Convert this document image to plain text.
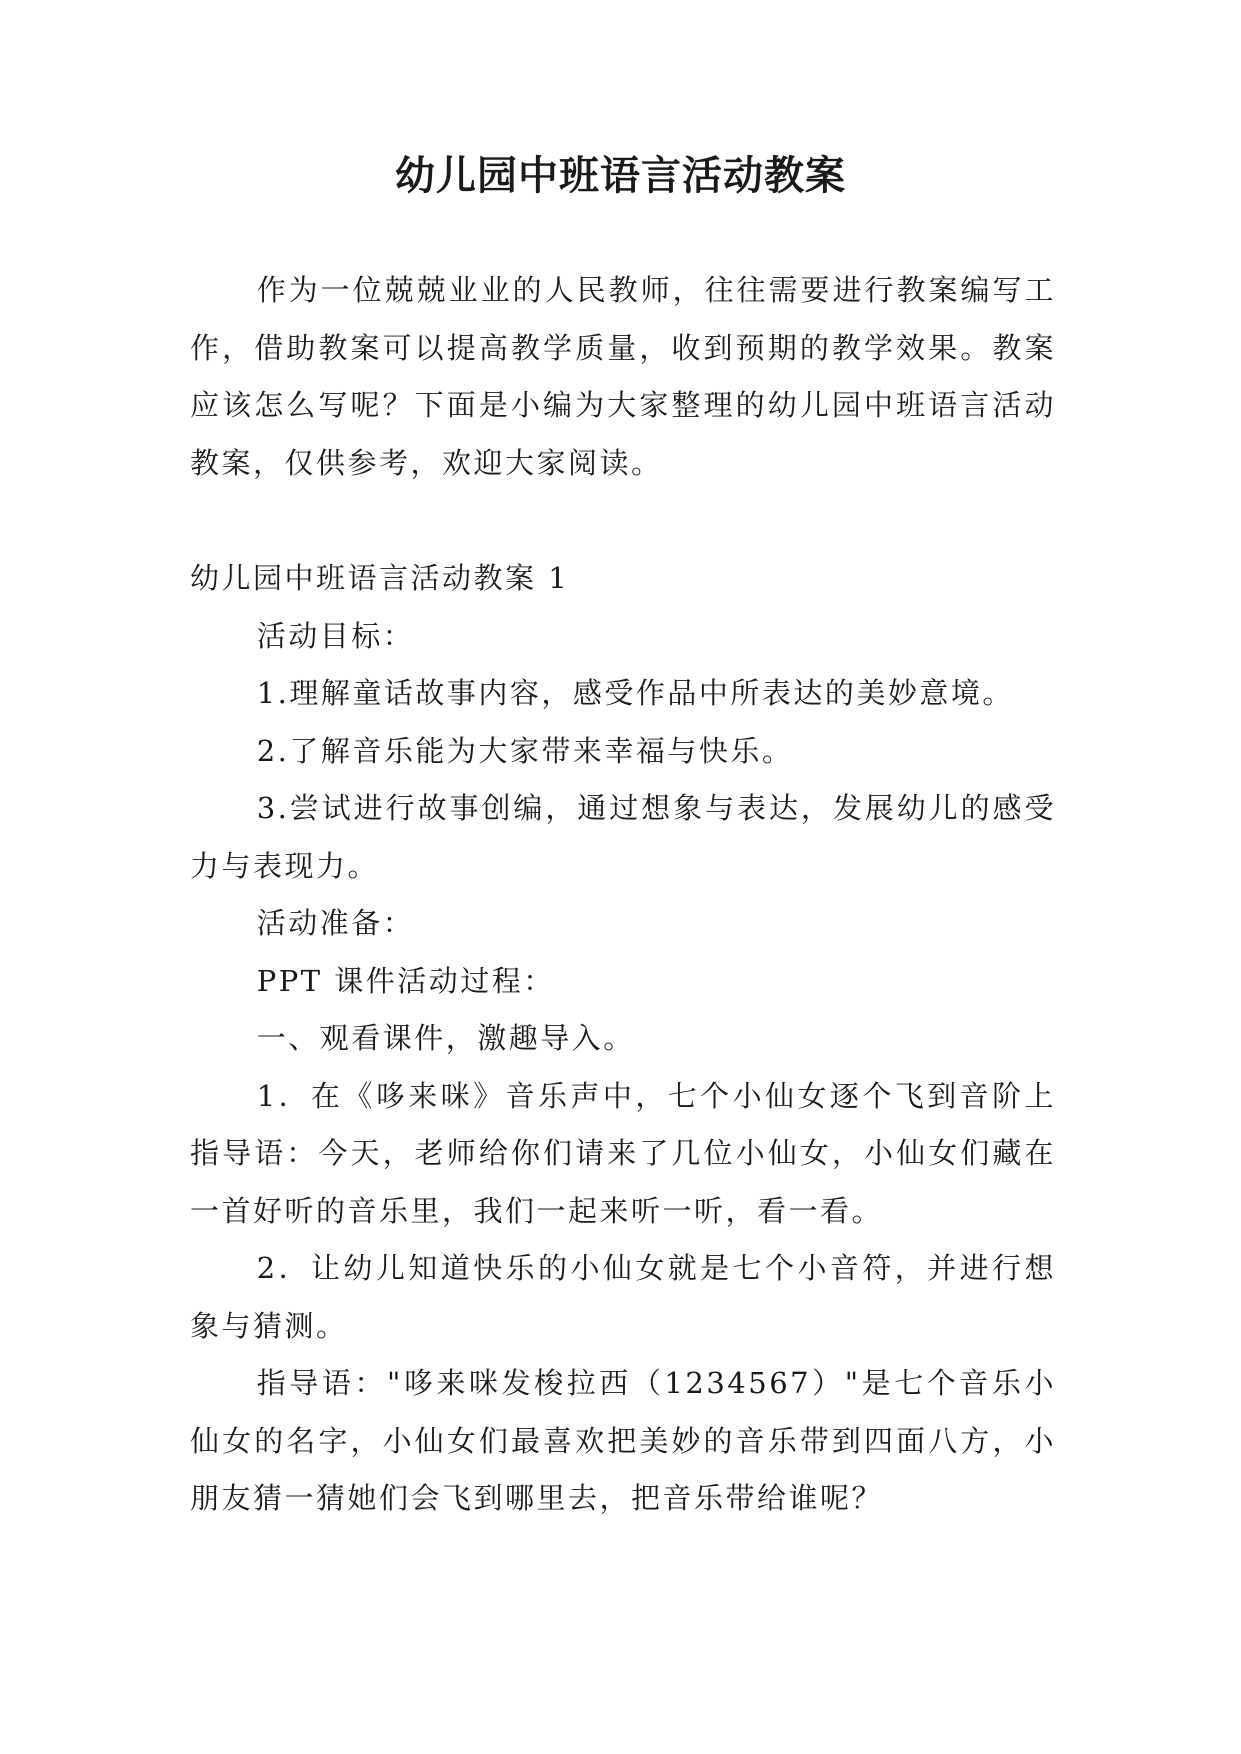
幼儿园中班语言活动教案

作为一位兢兢业业的人民教师，往往需要进行教案编写工作，借助教案可以提高教学质量，收到预期的教学效果。教案应该怎么写呢？下面是小编为大家整理的幼儿园中班语言活动教案，仅供参考，欢迎大家阅读。

幼儿园中班语言活动教案 1

活动目标：

1.理解童话故事内容，感受作品中所表达的美妙意境。

2.了解音乐能为大家带来幸福与快乐。

3.尝试进行故事创编，通过想象与表达，发展幼儿的感受力与表现力。

活动准备：

PPT 课件活动过程：

一、观看课件，激趣导入。

1．在《哆来咪》音乐声中，七个小仙女逐个飞到音阶上指导语：今天，老师给你们请来了几位小仙女，小仙女们藏在一首好听的音乐里，我们一起来听一听，看一看。

2．让幼儿知道快乐的小仙女就是七个小音符，并进行想象与猜测。

指导语："哆来咪发梭拉西（1234567）"是七个音乐小仙女的名字，小仙女们最喜欢把美妙的音乐带到四面八方，小朋友猜一猜她们会飞到哪里去，把音乐带给谁呢？
